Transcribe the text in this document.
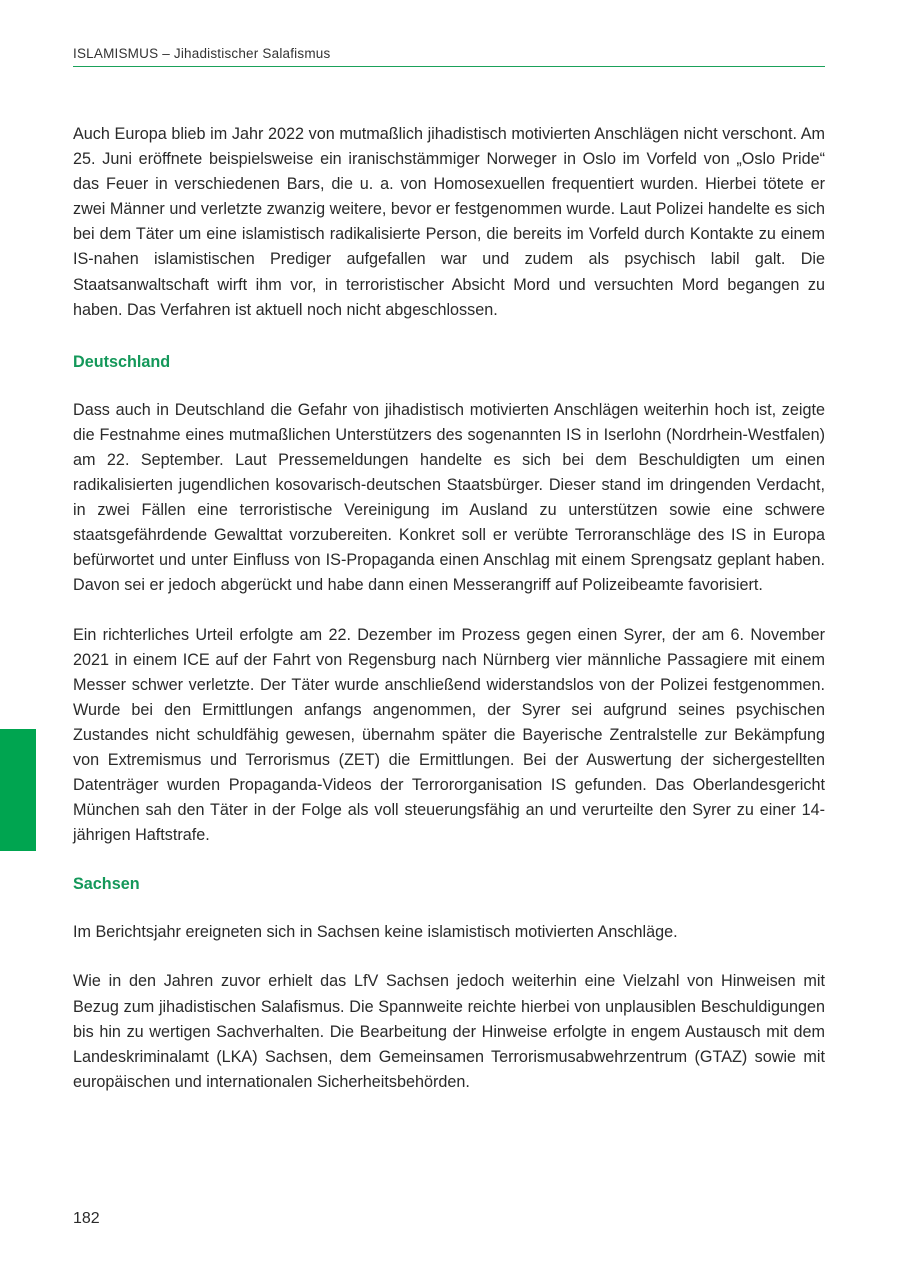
ISLAMISMUS – Jihadistischer Salafismus

Auch Europa blieb im Jahr 2022 von mutmaßlich jihadistisch motivierten Anschlägen nicht verschont. Am 25. Juni eröffnete beispielsweise ein iranischstämmiger Norweger in Oslo im Vorfeld von „Oslo Pride“ das Feuer in verschiedenen Bars, die u. a. von Homosexuellen frequentiert wurden. Hierbei tötete er zwei Männer und verletzte zwanzig weitere, bevor er festgenommen wurde. Laut Polizei handelte es sich bei dem Täter um eine islamistisch radikalisierte Person, die bereits im Vorfeld durch Kontakte zu einem IS-nahen islamistischen Prediger aufgefallen war und zudem als psychisch labil galt. Die Staatsanwaltschaft wirft ihm vor, in terroristischer Absicht Mord und versuchten Mord begangen zu haben. Das Verfahren ist aktuell noch nicht abgeschlossen.

Deutschland

Dass auch in Deutschland die Gefahr von jihadistisch motivierten Anschlägen weiterhin hoch ist, zeigte die Festnahme eines mutmaßlichen Unterstützers des sogenannten IS in Iserlohn (Nordrhein-Westfalen) am 22. September. Laut Pressemeldungen handelte es sich bei dem Beschuldigten um einen radikalisierten jugendlichen kosovarisch-deutschen Staatsbürger. Dieser stand im dringenden Verdacht, in zwei Fällen eine terroristische Vereinigung im Ausland zu unterstützen sowie eine schwere staatsgefährdende Gewalttat vorzubereiten. Konkret soll er verübte Terroranschläge des IS in Europa befürwortet und unter Einfluss von IS-Propaganda einen Anschlag mit einem Sprengsatz geplant haben. Davon sei er jedoch abgerückt und habe dann einen Messerangriff auf Polizeibeamte favorisiert.

Ein richterliches Urteil erfolgte am 22. Dezember im Prozess gegen einen Syrer, der am 6. November 2021 in einem ICE auf der Fahrt von Regensburg nach Nürnberg vier männliche Passagiere mit einem Messer schwer verletzte. Der Täter wurde anschließend widerstandslos von der Polizei festgenommen. Wurde bei den Ermittlungen anfangs angenommen, der Syrer sei aufgrund seines psychischen Zustandes nicht schuldfähig gewesen, übernahm später die Bayerische Zentralstelle zur Bekämpfung von Extremismus und Terrorismus (ZET) die Ermittlungen. Bei der Auswertung der sichergestellten Datenträger wurden Propaganda-Videos der Terrororganisation IS gefunden. Das Oberlandesgericht München sah den Täter in der Folge als voll steuerungsfähig an und verurteilte den Syrer zu einer 14-jährigen Haftstrafe.

Sachsen

Im Berichtsjahr ereigneten sich in Sachsen keine islamistisch motivierten Anschläge.

Wie in den Jahren zuvor erhielt das LfV Sachsen jedoch weiterhin eine Vielzahl von Hinweisen mit Bezug zum jihadistischen Salafismus. Die Spannweite reichte hierbei von unplausiblen Beschuldigungen bis hin zu wertigen Sachverhalten. Die Bearbeitung der Hinweise erfolgte in engem Austausch mit dem Landeskriminalamt (LKA) Sachsen, dem Gemeinsamen Terrorismusabwehrzentrum (GTAZ) sowie mit europäischen und internationalen Sicherheitsbehörden.

182
